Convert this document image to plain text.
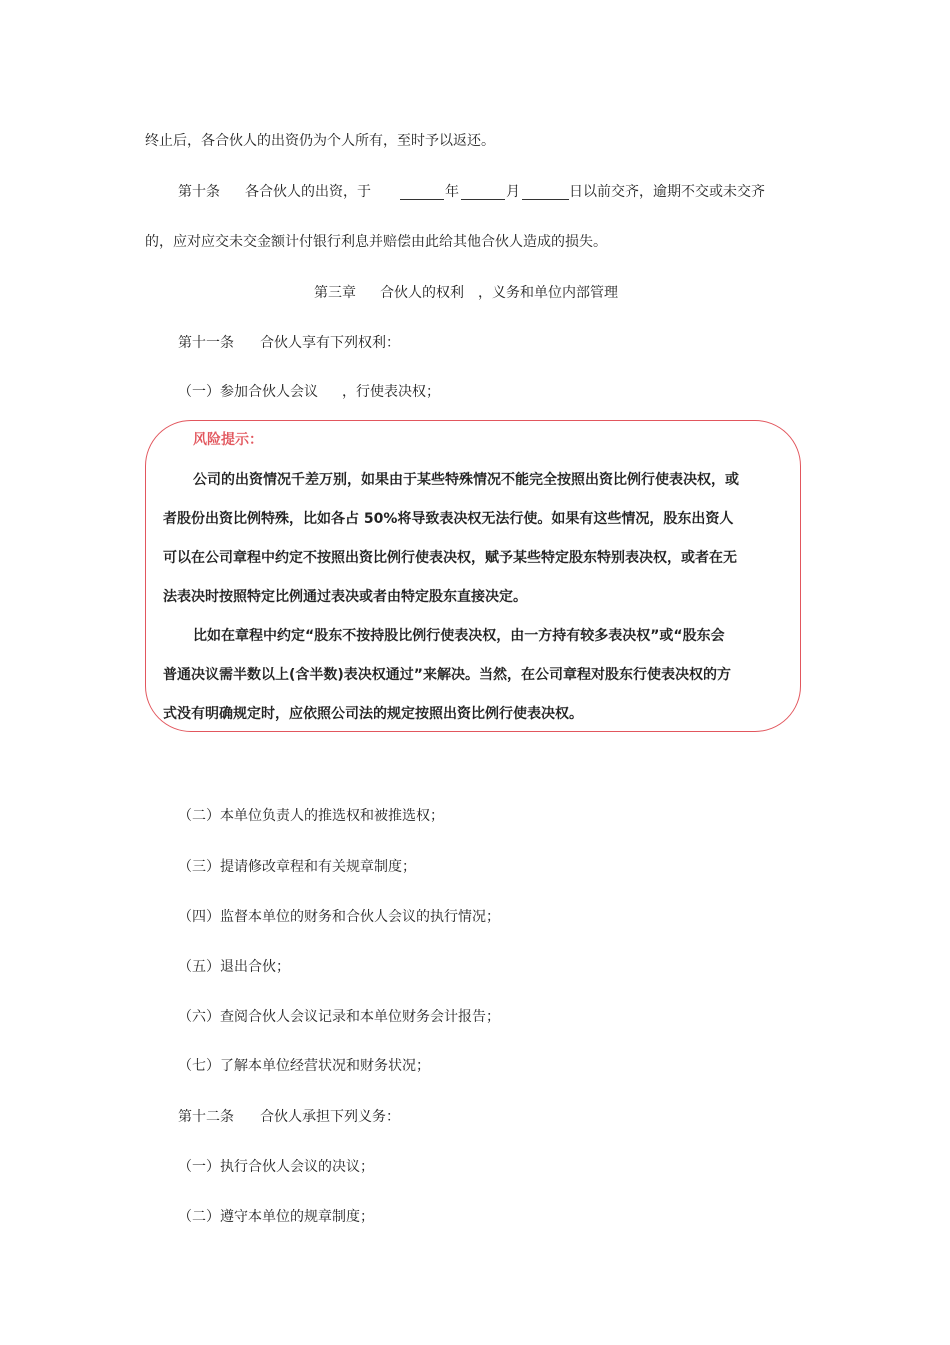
终止后，各合伙人的出资仍为个人所有，至时予以返还。
第十条 各合伙人的出资，于	年	月	日以前交齐，逾期不交或未交齐
的，应对应交未交金额计付银行利息并赔偿由此给其他合伙人造成的损失。
第三章 合伙人的权利 ，义务和单位内部管理
第十一条 合伙人享有下列权利：
（一）参加合伙人会议 ，行使表决权；
风险提示：
公司的出资情况千差万别，如果由于某些特殊情况不能完全按照出资比例行使表决权，或
者股份出资比例特殊，比如各占 50%将导致表决权无法行使。如果有这些情况，股东出资人
可以在公司章程中约定不按照出资比例行使表决权，赋予某些特定股东特别表决权，或者在无
法表决时按照特定比例通过表决或者由特定股东直接决定。
比如在章程中约定“股东不按持股比例行使表决权，由一方持有较多表决权”或“股东会
普通决议需半数以上(含半数)表决权通过”来解决。当然，在公司章程对股东行使表决权的方
式没有明确规定时，应依照公司法的规定按照出资比例行使表决权。
（二）本单位负责人的推选权和被推选权；
（三）提请修改章程和有关规章制度；
（四）监督本单位的财务和合伙人会议的执行情况；
（五）退出合伙；
（六）查阅合伙人会议记录和本单位财务会计报告；
（七）了解本单位经营状况和财务状况；
第十二条 合伙人承担下列义务：
（一）执行合伙人会议的决议；
（二）遵守本单位的规章制度；
